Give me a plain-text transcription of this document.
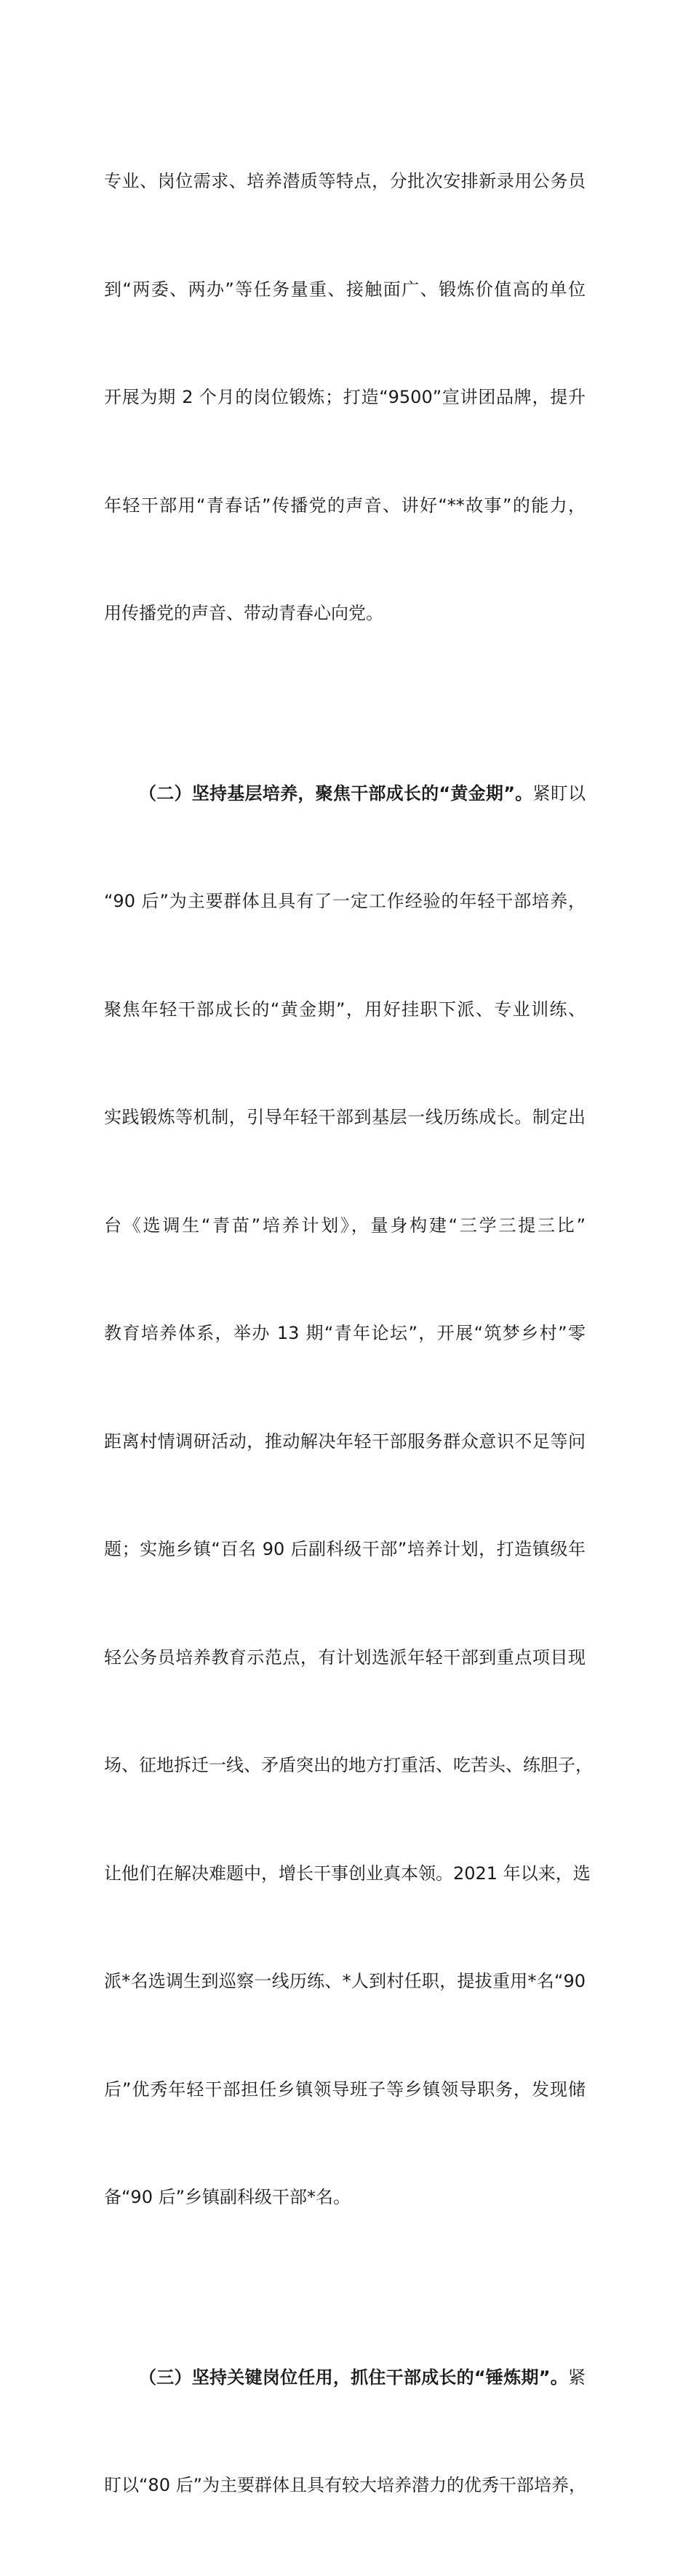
专业、岗位需求、培养潜质等特点，分批次安排新录用公务员

到“两委、两办”等任务量重、接触面广、锻炼价值高的单位

开展为期 2 个月的岗位锻炼；打造“9500”宣讲团品牌，提升

年轻干部用“青春话”传播党的声音、讲好“**故事”的能力，

用传播党的声音、带动青春心向党。

（二）坚持基层培养，聚焦干部成长的“黄金期”。紧盯以

“90 后”为主要群体且具有了一定工作经验的年轻干部培养，

聚焦年轻干部成长的“黄金期”，用好挂职下派、专业训练、

实践锻炼等机制，引导年轻干部到基层一线历练成长。制定出

台《选调生“青苗”培养计划》，量身构建“三学三提三比”

教育培养体系，举办 13 期“青年论坛”，开展“筑梦乡村”零

距离村情调研活动，推动解决年轻干部服务群众意识不足等问

题；实施乡镇“百名 90 后副科级干部”培养计划，打造镇级年

轻公务员培养教育示范点，有计划选派年轻干部到重点项目现

场、征地拆迁一线、矛盾突出的地方打重活、吃苦头、练胆子，

让他们在解决难题中，增长干事创业真本领。2021 年以来，选

派*名选调生到巡察一线历练、*人到村任职，提拔重用*名“90

后”优秀年轻干部担任乡镇领导班子等乡镇领导职务，发现储

备“90 后”乡镇副科级干部*名。

（三）坚持关键岗位任用，抓住干部成长的“锤炼期”。紧

盯以“80 后”为主要群体且具有较大培养潜力的优秀干部培养，
